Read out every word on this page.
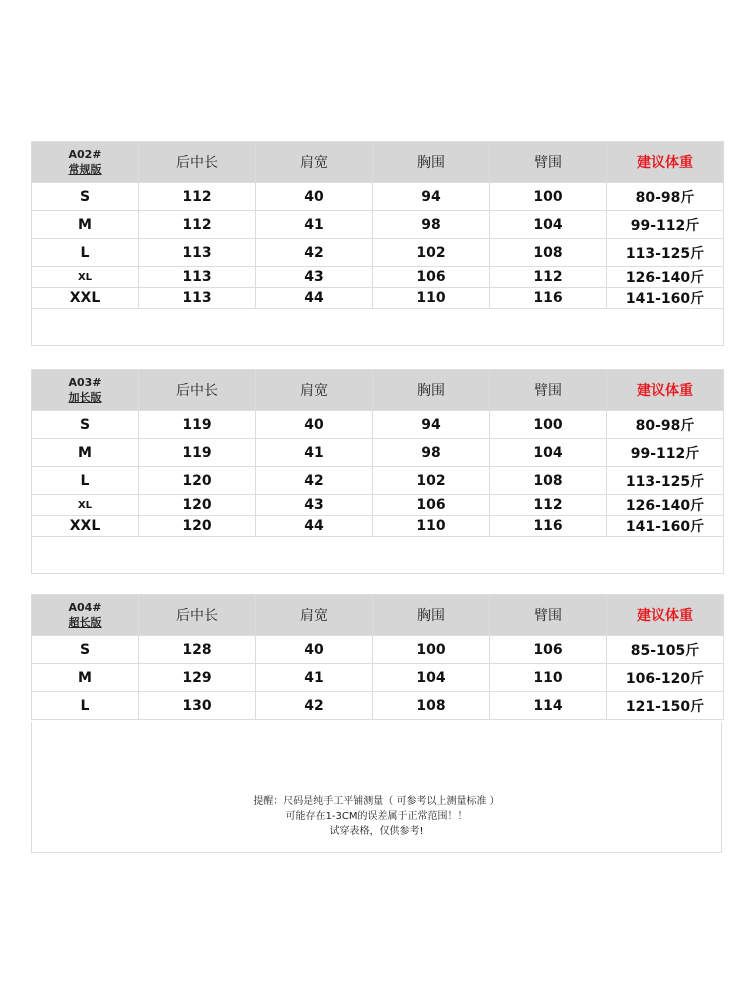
A02#
常规版	后中长	肩宽	胸围	臂围	建议体重
S	112	40	94	100	80-98斤
M	112	41	98	104	99-112斤
L	113	42	102	108	113-125斤
XL	113	43	106	112	126-140斤
XXL	113	44	110	116	141-160斤

A03#
加长版	后中长	肩宽	胸围	臂围	建议体重
S	119	40	94	100	80-98斤
M	119	41	98	104	99-112斤
L	120	42	102	108	113-125斤
XL	120	43	106	112	126-140斤
XXL	120	44	110	116	141-160斤

A04#
超长版	后中长	肩宽	胸围	臂围	建议体重
S	128	40	100	106	85-105斤
M	129	41	104	110	106-120斤
L	130	42	108	114	121-150斤
提醒：尺码是纯手工平铺测量（ 可参考以上测量标准 ）
可能存在1-3CM的误差属于正常范围！！
试穿表格，仅供参考!
